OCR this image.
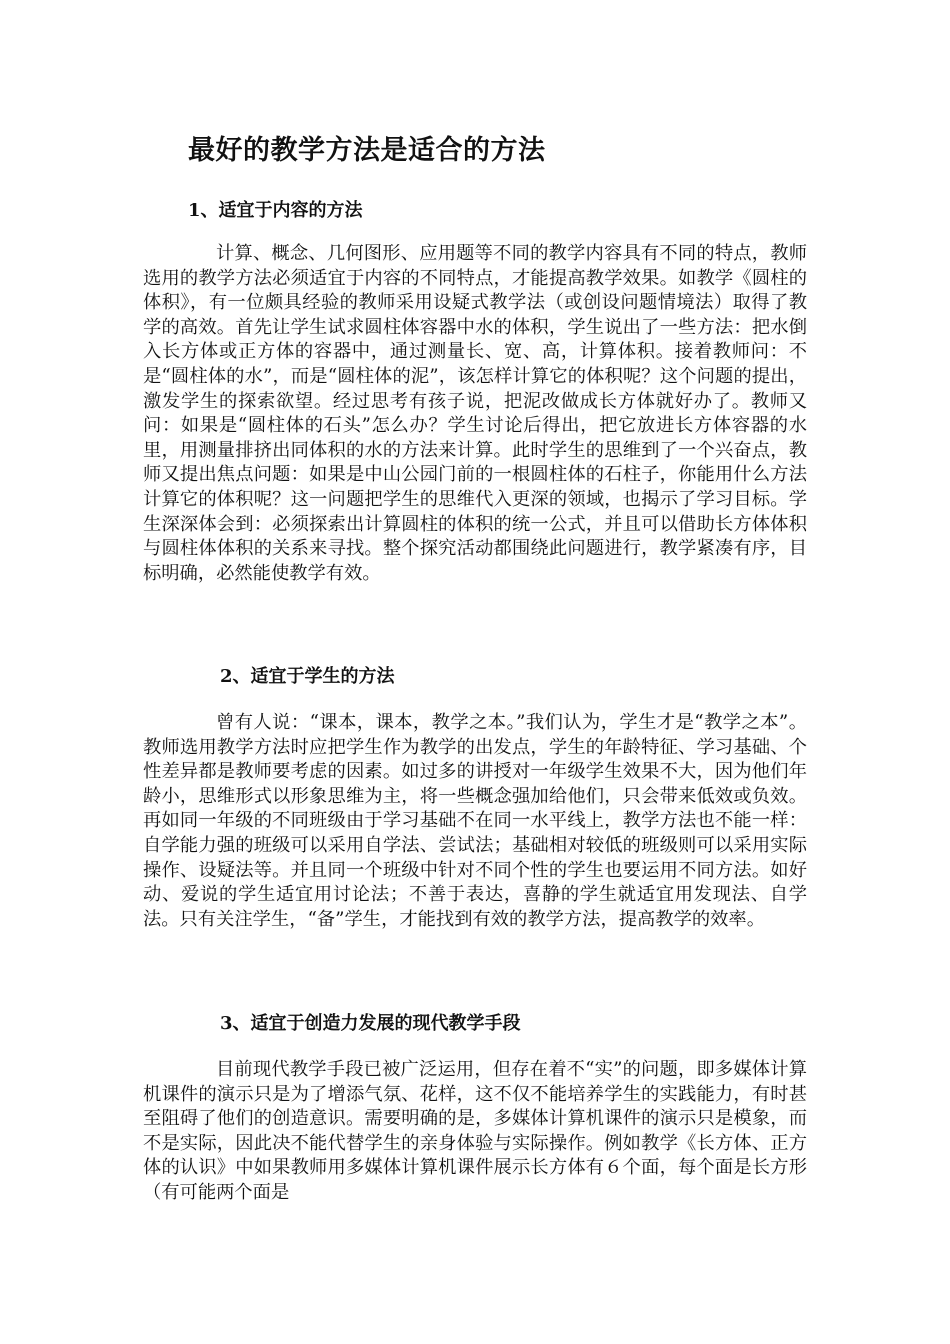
最好的教学方法是适合的方法
1、适宜于内容的方法

计算、概念、几何图形、应用题等不同的教学内容具有不同的特点，教师选用的教学方法必须适宜于内容的不同特点，才能提高教学效果。如教学《圆柱的体积》，有一位颇具经验的教师采用设疑式教学法（或创设问题情境法）取得了教学的高效。首先让学生试求圆柱体容器中水的体积，学生说出了一些方法：把水倒入长方体或正方体的容器中，通过测量长、宽、高，计算体积。接着教师问：不是“圆柱体的水”，而是“圆柱体的泥”，该怎样计算它的体积呢？这个问题的提出，激发学生的探索欲望。经过思考有孩子说，把泥改做成长方体就好办了。教师又问：如果是“圆柱体的石头”怎么办？学生讨论后得出，把它放进长方体容器的水里，用测量排挤出同体积的水的方法来计算。此时学生的思维到了一个兴奋点，教师又提出焦点问题：如果是中山公园门前的一根圆柱体的石柱子，你能用什么方法计算它的体积呢？这一问题把学生的思维代入更深的领域，也揭示了学习目标。学生深深体会到：必须探索出计算圆柱的体积的统一公式，并且可以借助长方体体积与圆柱体体积的关系来寻找。整个探究活动都围绕此问题进行，教学紧凑有序，目标明确，必然能使教学有效。

2、适宜于学生的方法

曾有人说：“课本，课本，教学之本。”我们认为，学生才是“教学之本”。教师选用教学方法时应把学生作为教学的出发点，学生的年龄特征、学习基础、个性差异都是教师要考虑的因素。如过多的讲授对一年级学生效果不大，因为他们年龄小，思维形式以形象思维为主，将一些概念强加给他们，只会带来低效或负效。再如同一年级的不同班级由于学习基础不在同一水平线上，教学方法也不能一样：自学能力强的班级可以采用自学法、尝试法；基础相对较低的班级则可以采用实际操作、设疑法等。并且同一个班级中针对不同个性的学生也要运用不同方法。如好动、爱说的学生适宜用讨论法；不善于表达，喜静的学生就适宜用发现法、自学法。只有关注学生，“备”学生，才能找到有效的教学方法，提高教学的效率。

3、适宜于创造力发展的现代教学手段

目前现代教学手段已被广泛运用，但存在着不“实”的问题，即多媒体计算机课件的演示只是为了增添气氛、花样，这不仅不能培养学生的实践能力，有时甚至阻碍了他们的创造意识。需要明确的是，多媒体计算机课件的演示只是模象，而不是实际，因此决不能代替学生的亲身体验与实际操作。例如教学《长方体、正方体的认识》中如果教师用多媒体计算机课件展示长方体有６个面，每个面是长方形（有可能两个面是
